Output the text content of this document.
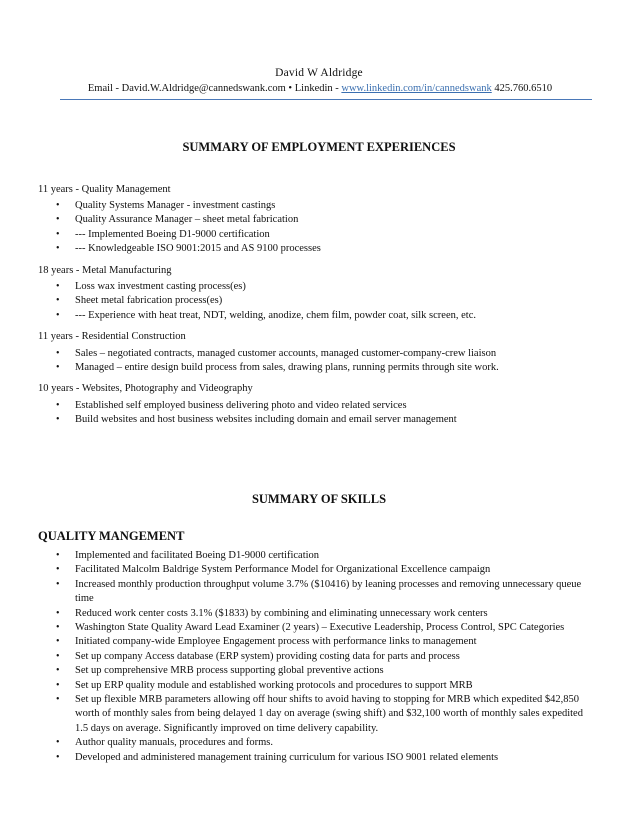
David W Aldridge
Email - David.W.Aldridge@cannedswank.com • Linkedin - www.linkedin.com/in/cannedswank 425.760.6510
SUMMARY OF EMPLOYMENT EXPERIENCES
11 years - Quality Management
• Quality Systems Manager - investment castings
• Quality Assurance Manager – sheet metal fabrication
• --- Implemented Boeing D1-9000 certification
• --- Knowledgeable ISO 9001:2015 and AS 9100 processes
18 years - Metal Manufacturing
• Loss wax investment casting process(es)
• Sheet metal fabrication process(es)
• --- Experience with heat treat, NDT, welding, anodize, chem film, powder coat, silk screen, etc.
11 years - Residential Construction
• Sales – negotiated contracts, managed customer accounts, managed customer-company-crew liaison
• Managed – entire design build process from sales, drawing plans, running permits through site work.
10 years - Websites, Photography and Videography
• Established self employed business delivering photo and video related services
• Build websites and host business websites including domain and email server management
SUMMARY OF SKILLS
QUALITY MANGEMENT
• Implemented and facilitated Boeing D1-9000 certification
• Facilitated Malcolm Baldrige System Performance Model for Organizational Excellence campaign
• Increased monthly production throughput volume 3.7% ($10416) by leaning processes and removing unnecessary queue time
• Reduced work center costs 3.1% ($1833) by combining and eliminating unnecessary work centers
• Washington State Quality Award Lead Examiner (2 years) – Executive Leadership, Process Control, SPC Categories
• Initiated company-wide Employee Engagement process with performance links to management
• Set up company Access database (ERP system) providing costing data for parts and process
• Set up comprehensive MRB process supporting global preventive actions
• Set up ERP quality module and established working protocols and procedures to support MRB
• Set up flexible MRB parameters allowing off hour shifts to avoid having to stopping for MRB which expedited $42,850 worth of monthly sales from being delayed 1 day on average (swing shift) and $32,100 worth of monthly sales expedited 1.5 days on average. Significantly improved on time delivery capability.
• Author quality manuals, procedures and forms.
• Developed and administered management training curriculum for various ISO 9001 related elements
